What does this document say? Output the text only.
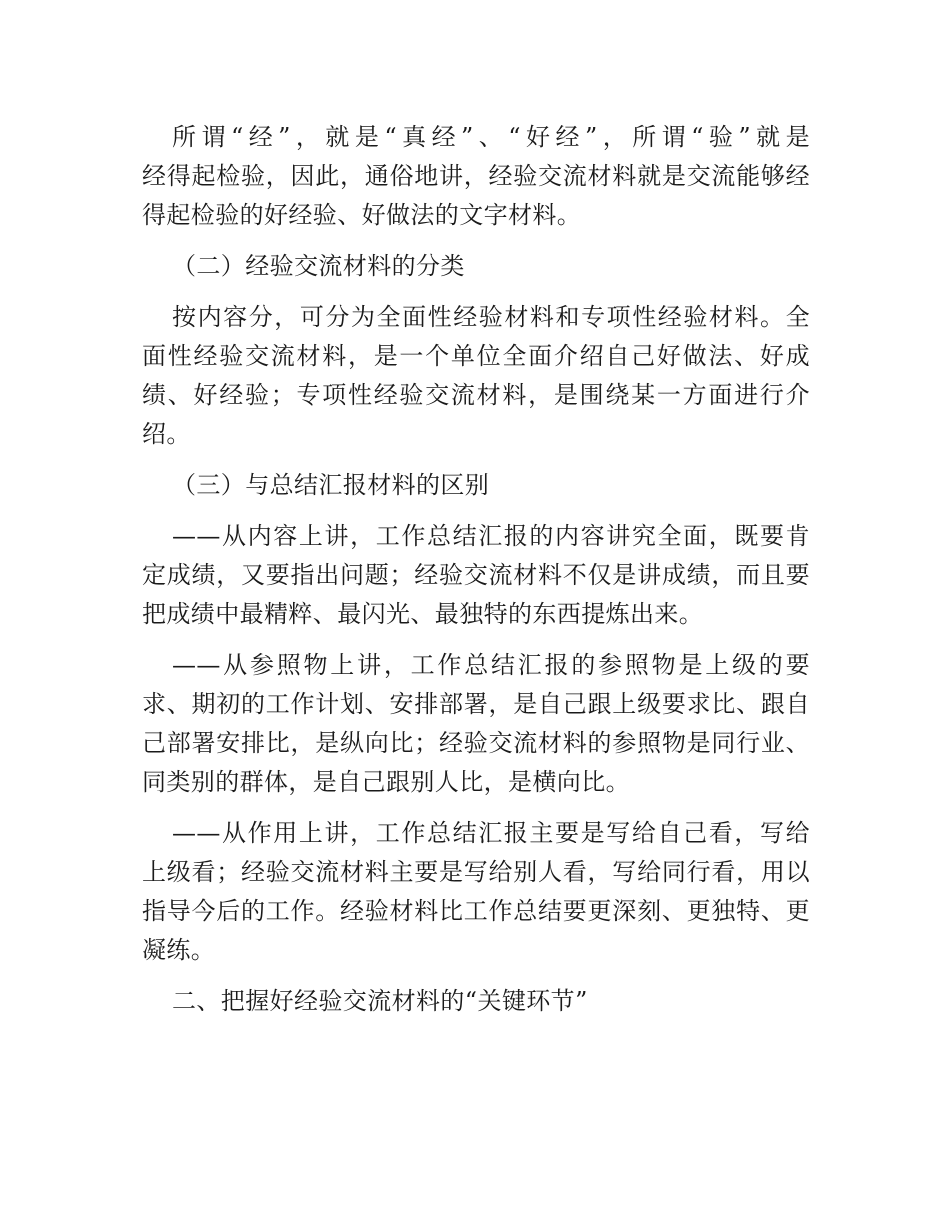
所谓“经”，就是“真经”、“好经”，所谓“验”就是
经得起检验，因此，通俗地讲，经验交流材料就是交流能够经
得起检验的好经验、好做法的文字材料。

（二）经验交流材料的分类

按内容分，可分为全面性经验材料和专项性经验材料。全
面性经验交流材料，是一个单位全面介绍自己好做法、好成
绩、好经验；专项性经验交流材料，是围绕某一方面进行介
绍。

（三）与总结汇报材料的区别

——从内容上讲，工作总结汇报的内容讲究全面，既要肯
定成绩，又要指出问题；经验交流材料不仅是讲成绩，而且要
把成绩中最精粹、最闪光、最独特的东西提炼出来。

——从参照物上讲，工作总结汇报的参照物是上级的要
求、期初的工作计划、安排部署，是自己跟上级要求比、跟自
己部署安排比，是纵向比；经验交流材料的参照物是同行业、
同类别的群体，是自己跟别人比，是横向比。

——从作用上讲，工作总结汇报主要是写给自己看，写给
上级看；经验交流材料主要是写给别人看，写给同行看，用以
指导今后的工作。经验材料比工作总结要更深刻、更独特、更
凝练。

二、把握好经验交流材料的“关键环节”
